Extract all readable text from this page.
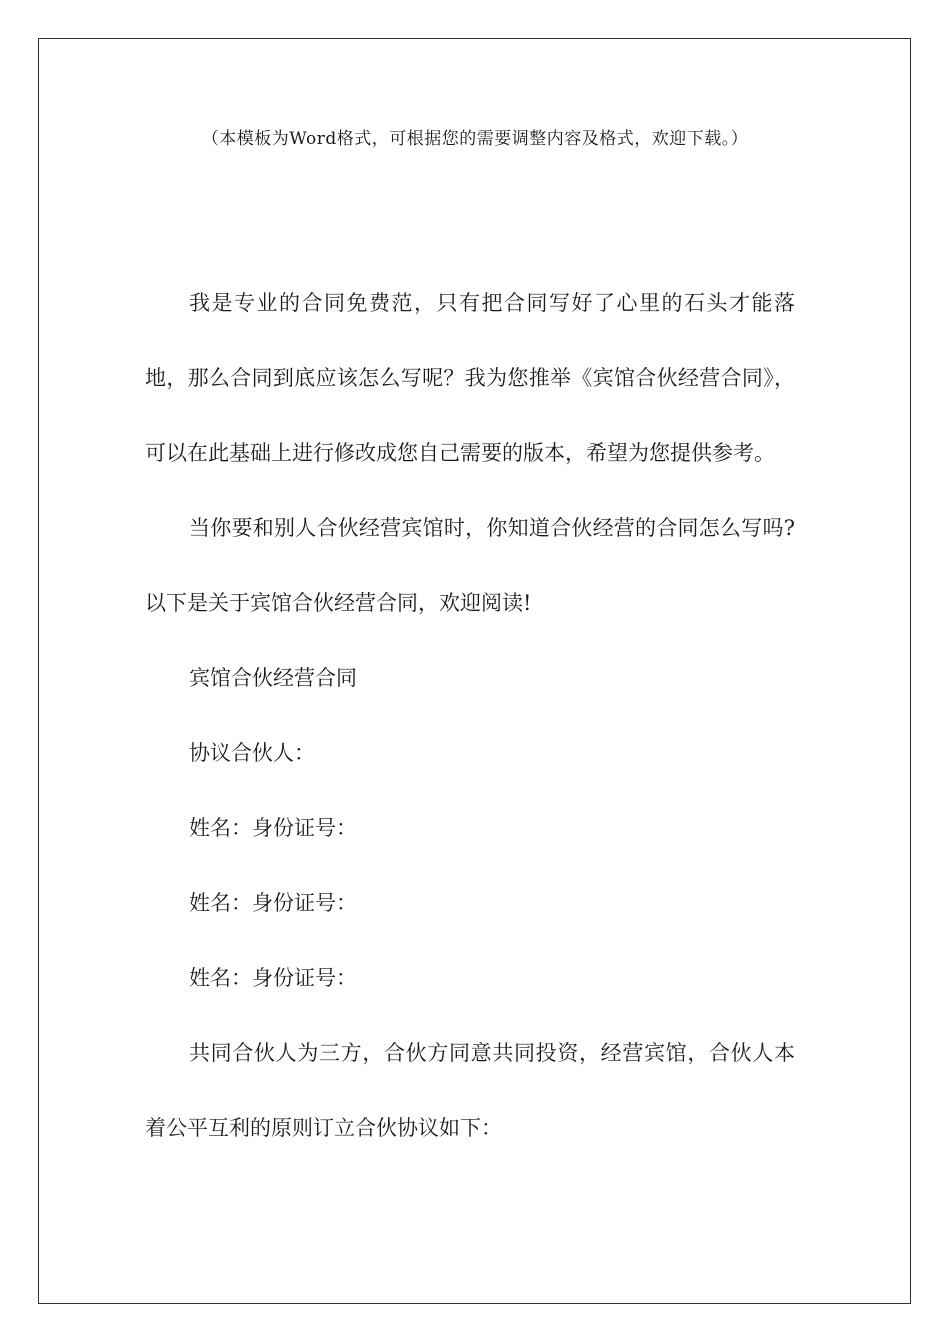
（本模板为Word格式，可根据您的需要调整内容及格式，欢迎下载。）

我是专业的合同免费范，只有把合同写好了心里的石头才能落地，那么合同到底应该怎么写呢？我为您推举《宾馆合伙经营合同》，可以在此基础上进行修改成您自己需要的版本，希望为您提供参考。

当你要和别人合伙经营宾馆时，你知道合伙经营的合同怎么写吗?以下是关于宾馆合伙经营合同，欢迎阅读!

宾馆合伙经营合同

协议合伙人：

姓名：身份证号：

姓名：身份证号：

姓名：身份证号：

共同合伙人为三方，合伙方同意共同投资，经营宾馆，合伙人本着公平互利的原则订立合伙协议如下：
